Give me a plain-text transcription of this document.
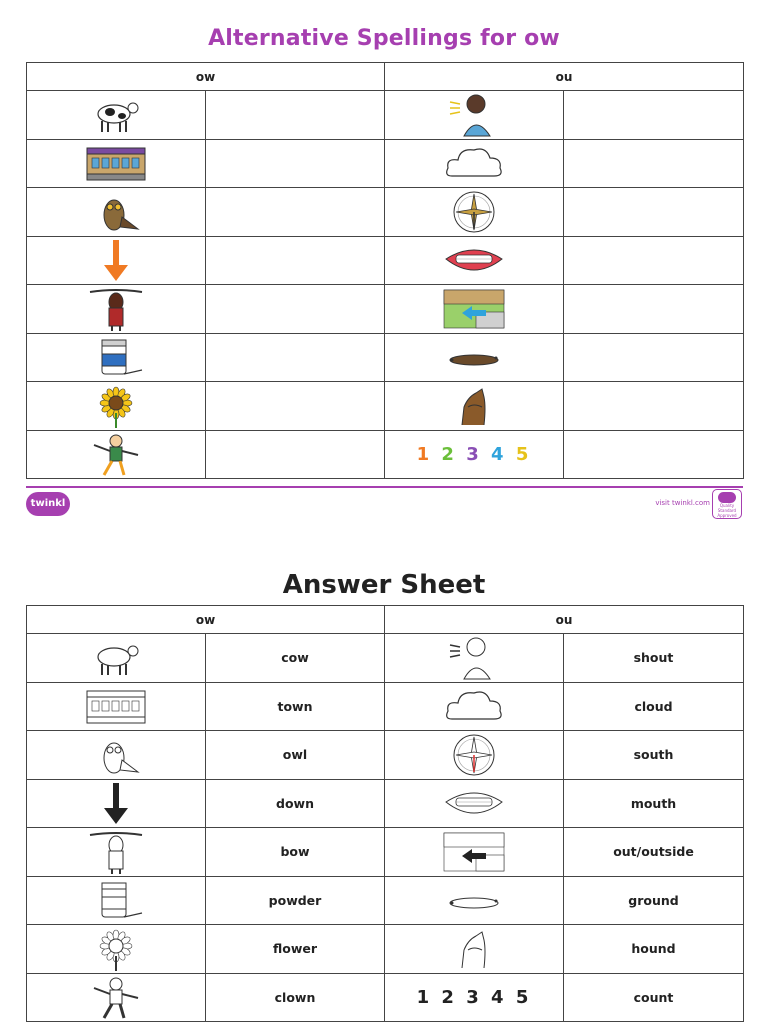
Alternative Spellings for ow
ow		ou	

		1 2 3 4 5	
twinkl	visit twinkl.com	Quality Standard Approved
Answer Sheet
ow		ou	

	cow		shout

	town		cloud

	owl		south

	down		mouth

	bow		out/outside

	powder		ground

	flower		hound

	clown	1 2 3 4 5	count
